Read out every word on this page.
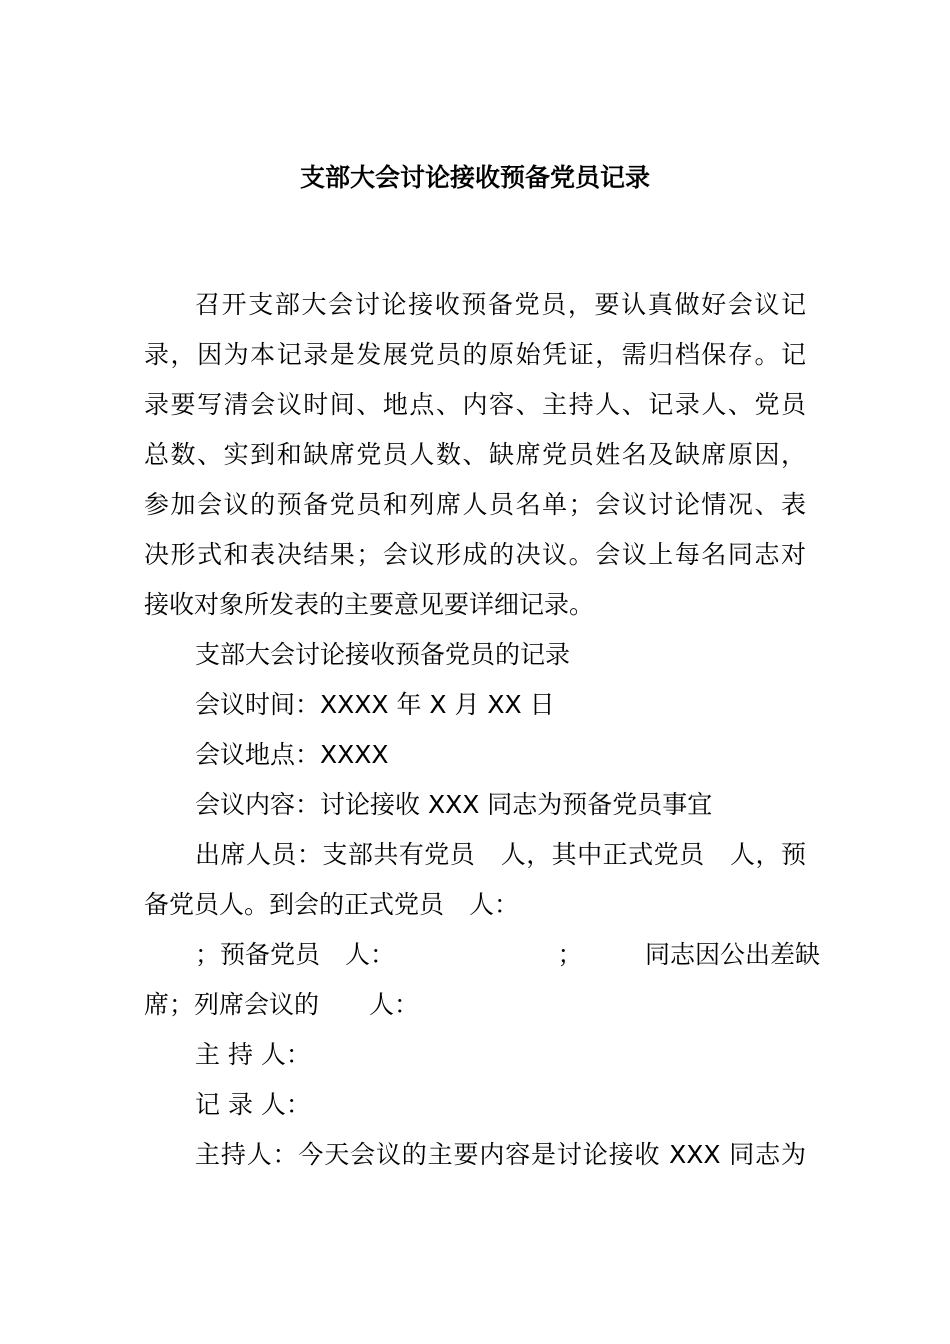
支部大会讨论接收预备党员记录
召开支部大会讨论接收预备党员，要认真做好会议记
录，因为本记录是发展党员的原始凭证，需归档保存。记
录要写清会议时间、地点、内容、主持人、记录人、党员
总数、实到和缺席党员人数、缺席党员姓名及缺席原因，
参加会议的预备党员和列席人员名单；会议讨论情况、表
决形式和表决结果；会议形成的决议。会议上每名同志对
接收对象所发表的主要意见要详细记录。
支部大会讨论接收预备党员的记录
会议时间：XXXX 年 X 月 XX 日
会议地点：XXXX
会议内容：讨论接收 XXX 同志为预备党员事宜
出席人员：支部共有党员　人，其中正式党员　人，预
备党员人。到会的正式党员　人：
；预备党员　人：　　　　　　　；　　　同志因公出差缺
席；列席会议的　　人：
主 持 人：
记 录 人：
主持人：今天会议的主要内容是讨论接收 XXX 同志为
